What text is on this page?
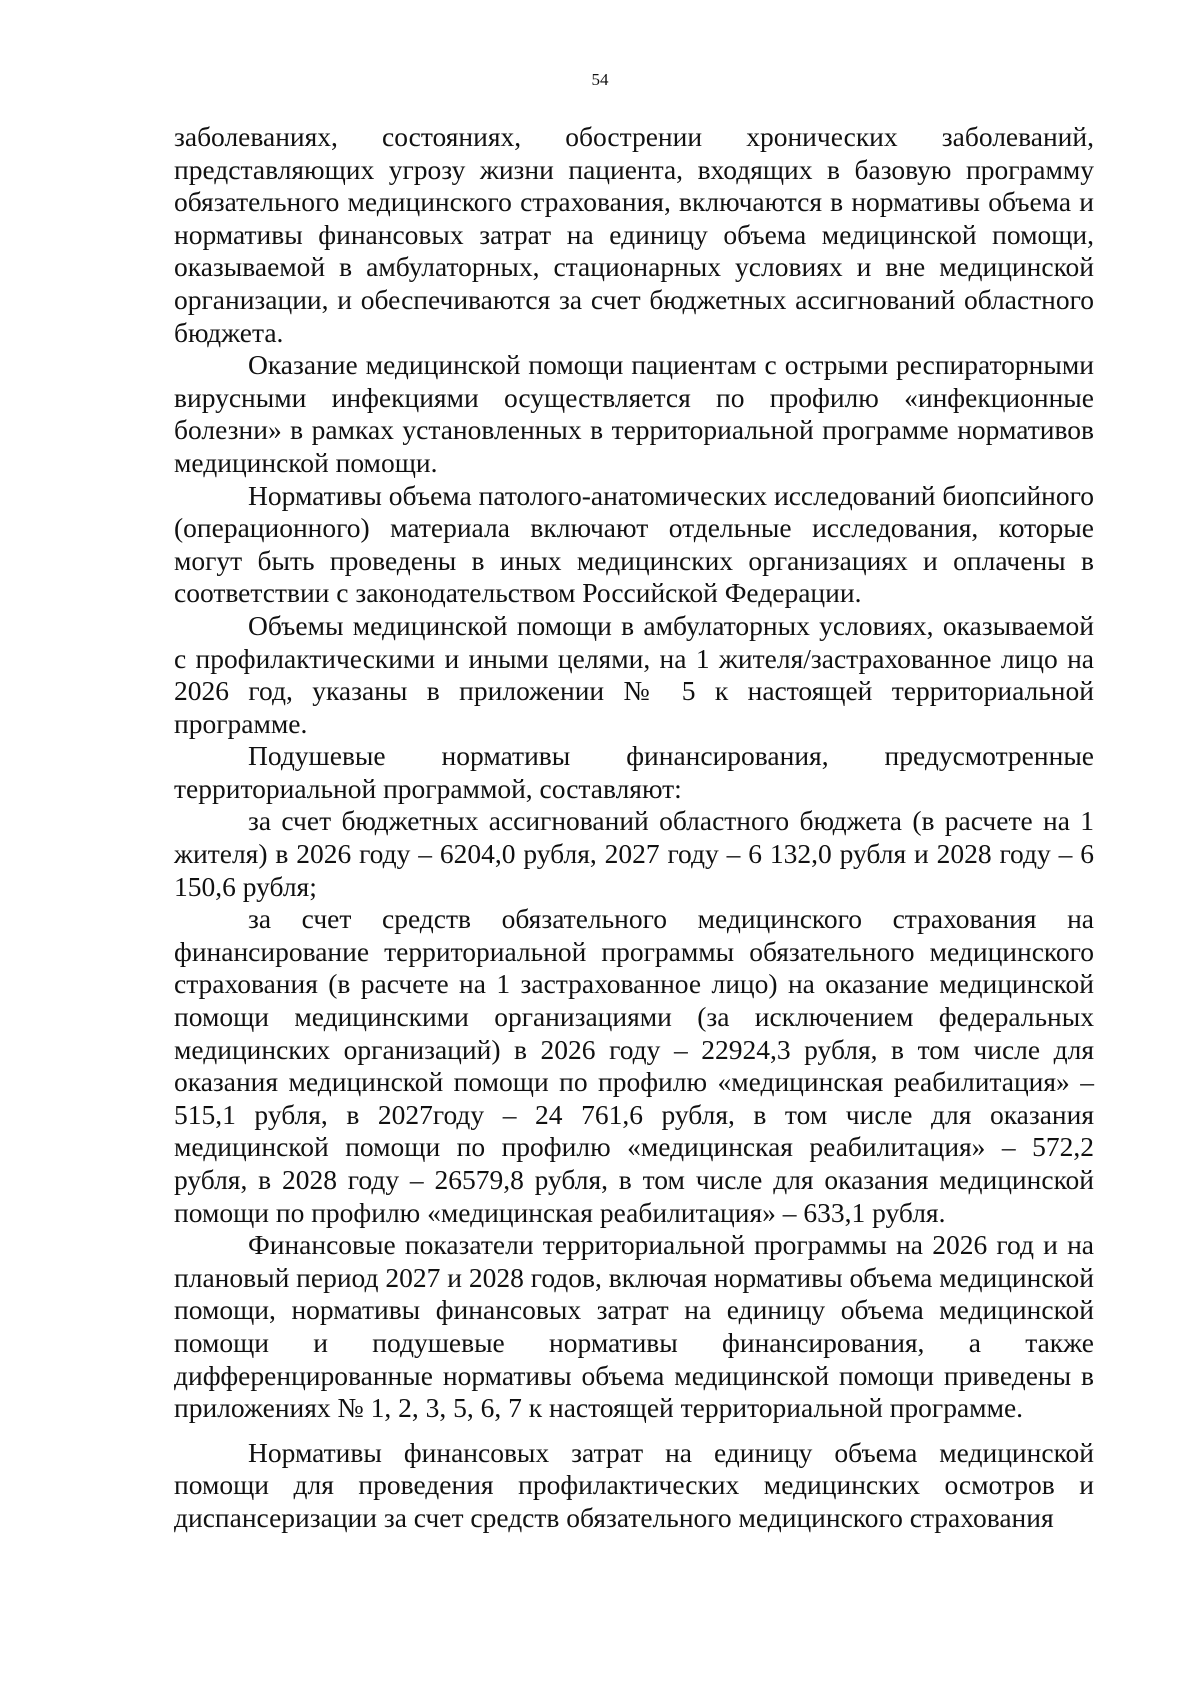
54

заболеваниях, состояниях, обострении хронических заболеваний, представляющих угрозу жизни пациента, входящих в базовую программу обязательного медицинского страхования, включаются в нормативы объема и нормативы финансовых затрат на единицу объема медицинской помощи, оказываемой в амбулаторных, стационарных условиях и вне медицинской организации, и обеспечиваются за счет бюджетных ассигнований областного бюджета.

Оказание медицинской помощи пациентам с острыми респираторными вирусными инфекциями осуществляется по профилю «инфекционные болезни» в рамках установленных в территориальной программе нормативов медицинской помощи.

Нормативы объема патолого-анатомических исследований биопсийного (операционного) материала включают отдельные исследования, которые могут быть проведены в иных медицинских организациях и оплачены в соответствии с законодательством Российской Федерации.

Объемы медицинской помощи в амбулаторных условиях, оказываемой с профилактическими и иными целями, на 1 жителя/застрахованное лицо на 2026 год, указаны в приложении № 5 к настоящей территориальной программе.

Подушевые нормативы финансирования, предусмотренные территориальной программой, составляют:

за счет бюджетных ассигнований областного бюджета (в расчете на 1 жителя) в 2026 году – 6204,0 рубля, 2027 году – 6 132,0 рубля и 2028 году – 6 150,6 рубля;

за счет средств обязательного медицинского страхования на финансирование территориальной программы обязательного медицинского страхования (в расчете на 1 застрахованное лицо) на оказание медицинской помощи медицинскими организациями (за исключением федеральных медицинских организаций) в 2026 году – 22924,3 рубля, в том числе для оказания медицинской помощи по профилю «медицинская реабилитация» – 515,1 рубля, в 2027году – 24 761,6 рубля, в том числе для оказания медицинской помощи по профилю «медицинская реабилитация» – 572,2 рубля, в 2028 году – 26579,8 рубля, в том числе для оказания медицинской помощи по профилю «медицинская реабилитация» – 633,1 рубля.

Финансовые показатели территориальной программы на 2026 год и на плановый период 2027 и 2028 годов, включая нормативы объема медицинской помощи, нормативы финансовых затрат на единицу объема медицинской помощи и подушевые нормативы финансирования, а также дифференцированные нормативы объема медицинской помощи приведены в приложениях № 1, 2, 3, 5, 6, 7 к настоящей территориальной программе.

Нормативы финансовых затрат на единицу объема медицинской помощи для проведения профилактических медицинских осмотров и диспансеризации за счет средств обязательного медицинского страхования
